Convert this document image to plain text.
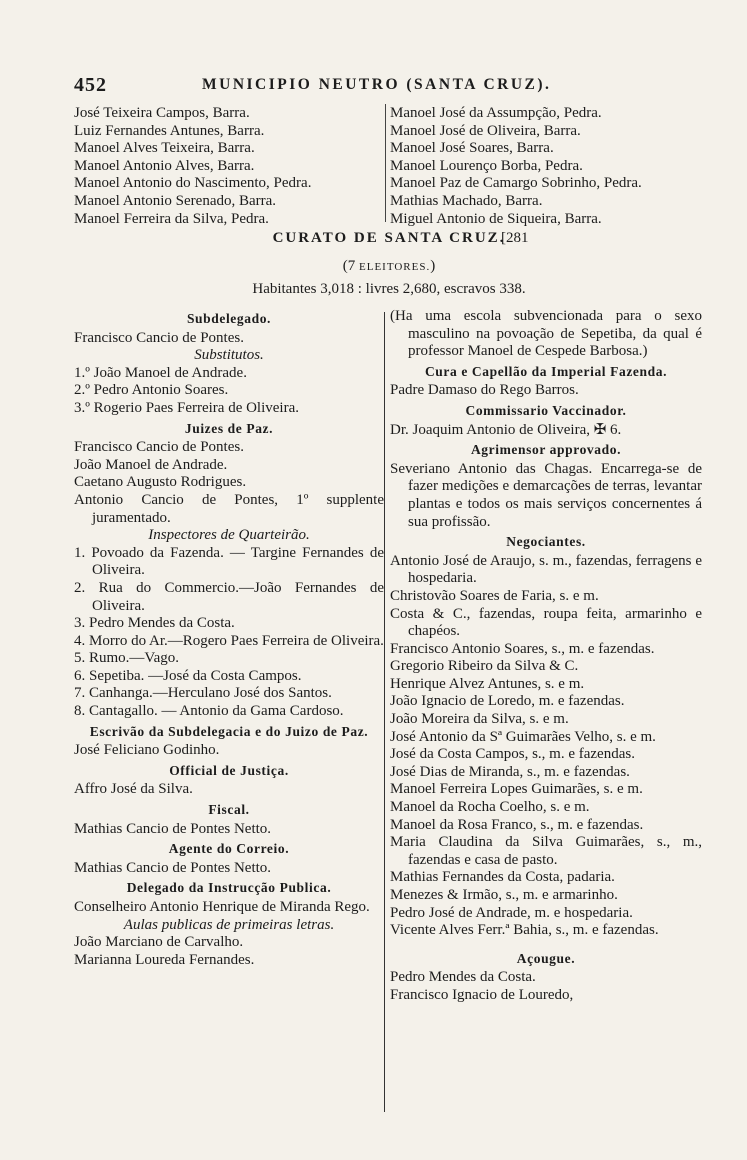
452	MUNICIPIO NEUTRO (SANTA CRUZ).
José Teixeira Campos, Barra.
Luiz Fernandes Antunes, Barra.
Manoel Alves Teixeira, Barra.
Manoel Antonio Alves, Barra.
Manoel Antonio do Nascimento, Pedra.
Manoel Antonio Serenado, Barra.
Manoel Ferreira da Silva, Pedra.
Manoel José da Assumpção, Pedra.
Manoel José de Oliveira, Barra.
Manoel José Soares, Barra.
Manoel Lourenço Borba, Pedra.
Manoel Paz de Camargo Sobrinho, Pedra.
Mathias Machado, Barra.
Miguel Antonio de Siqueira, Barra.
CURATO DE SANTA CRUZ.
[281
(7 ELEITORES.)
Habitantes 3,018 : livres 2,680, escravos 338.
Subdelegado.
Francisco Cancio de Pontes.
Substitutos.
1.º João Manoel de Andrade.
2.º Pedro Antonio Soares.
3.º Rogerio Paes Ferreira de Oliveira.
Juizes de Paz.
Francisco Cancio de Pontes.
João Manoel de Andrade.
Caetano Augusto Rodrigues.
Antonio Cancio de Pontes, 1º supplente juramentado.
Inspectores de Quarteirão.
1. Povoado da Fazenda. — Targine Fernandes de Oliveira.
2. Rua do Commercio.—João Fernandes de Oliveira.
3. Pedro Mendes da Costa.
4. Morro do Ar.—Rogero Paes Ferreira de Oliveira.
5. Rumo.—Vago.
6. Sepetiba. —José da Costa Campos.
7. Canhanga.—Herculano José dos Santos.
8. Cantagallo. — Antonio da Gama Cardoso.
Escrivão da Subdelegacia e do Juizo de Paz.
José Feliciano Godinho.
Official de Justiça.
Affro José da Silva.
Fiscal.
Mathias Cancio de Pontes Netto.
Agente do Correio.
Mathias Cancio de Pontes Netto.
Delegado da Instrucção Publica.
Conselheiro Antonio Henrique de Miranda Rego.
Aulas publicas de primeiras letras.
João Marciano de Carvalho.
Marianna Loureda Fernandes.
(Ha uma escola subvencionada para o sexo masculino na povoação de Sepetiba, da qual é professor Manoel de Cespede Barbosa.)
Cura e Capellão da Imperial Fazenda.
Padre Damaso do Rego Barros.
Commissario Vaccinador.
Dr. Joaquim Antonio de Oliveira, ✠ 6.
Agrimensor approvado.
Severiano Antonio das Chagas. Encarrega-se de fazer medições e demarcações de terras, levantar plantas e todos os mais serviços concernentes á sua profissão.
Negociantes.
Antonio José de Araujo, s. m., fazendas, ferragens e hospedaria.
Christovão Soares de Faria, s. e m.
Costa & C., fazendas, roupa feita, armarinho e chapéos.
Francisco Antonio Soares, s., m. e fazendas.
Gregorio Ribeiro da Silva & C.
Henrique Alvez Antunes, s. e m.
João Ignacio de Loredo, m. e fazendas.
João Moreira da Silva, s. e m.
José Antonio da Sª Guimarães Velho, s. e m.
José da Costa Campos, s., m. e fazendas.
José Dias de Miranda, s., m. e fazendas.
Manoel Ferreira Lopes Guimarães, s. e m.
Manoel da Rocha Coelho, s. e m.
Manoel da Rosa Franco, s., m. e fazendas.
Maria Claudina da Silva Guimarães, s., m., fazendas e casa de pasto.
Mathias Fernandes da Costa, padaria.
Menezes & Irmão, s., m. e armarinho.
Pedro José de Andrade, m. e hospedaria.
Vicente Alves Ferr.ª Bahia, s., m. e fazendas.
Açougue.
Pedro Mendes da Costa.
Francisco Ignacio de Louredo,
